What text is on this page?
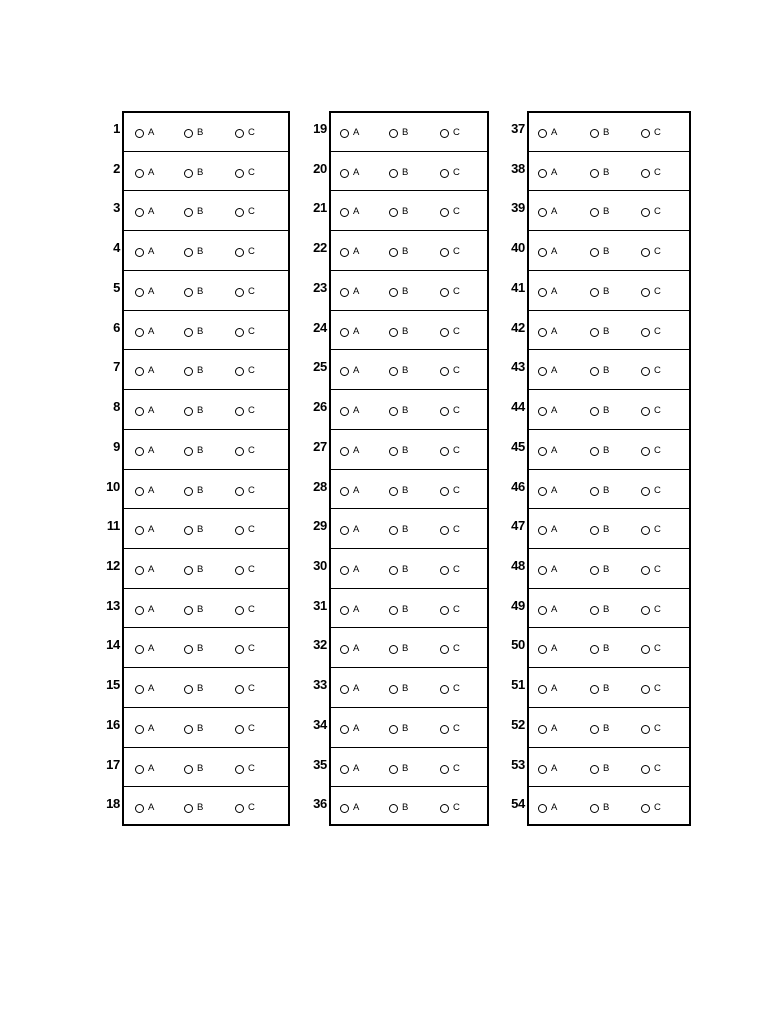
1	A	B	C
2	A	B	C
3	A	B	C
4	A	B	C
5	A	B	C
6	A	B	C
7	A	B	C
8	A	B	C
9	A	B	C
10	A	B	C
11	A	B	C
12	A	B	C
13	A	B	C
14	A	B	C
15	A	B	C
16	A	B	C
17	A	B	C
18	A	B	C
19	A	B	C
20	A	B	C
21	A	B	C
22	A	B	C
23	A	B	C
24	A	B	C
25	A	B	C
26	A	B	C
27	A	B	C
28	A	B	C
29	A	B	C
30	A	B	C
31	A	B	C
32	A	B	C
33	A	B	C
34	A	B	C
35	A	B	C
36	A	B	C
37	A	B	C
38	A	B	C
39	A	B	C
40	A	B	C
41	A	B	C
42	A	B	C
43	A	B	C
44	A	B	C
45	A	B	C
46	A	B	C
47	A	B	C
48	A	B	C
49	A	B	C
50	A	B	C
51	A	B	C
52	A	B	C
53	A	B	C
54	A	B	C
